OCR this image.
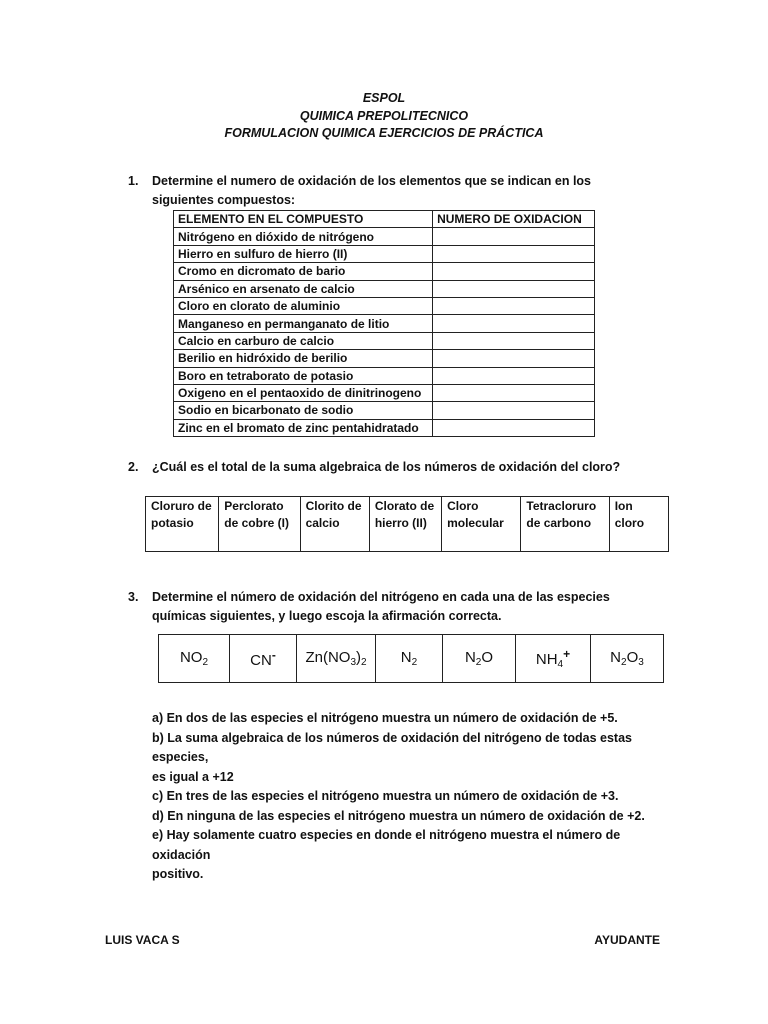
ESPOL
QUIMICA PREPOLITECNICO
FORMULACION QUIMICA EJERCICIOS DE PRÁCTICA
1. Determine el numero de oxidación de los elementos que se indican en los siguientes compuestos:
ELEMENTO EN EL COMPUESTO	NUMERO DE OXIDACION
Nitrógeno en dióxido de nitrógeno	
Hierro en sulfuro de hierro (II)	
Cromo en dicromato de bario	
Arsénico en arsenato de calcio	
Cloro en clorato de aluminio	
Manganeso en permanganato de litio	
Calcio en carburo de calcio	
Berilio en hidróxido de berilio	
Boro en tetraborato de potasio	
Oxigeno en el pentaoxido de dinitrinogeno	
Sodio en bicarbonato de sodio	
Zinc en el bromato de zinc pentahidratado	
2. ¿Cuál es el total de la suma algebraica de los números de oxidación del cloro?
Cloruro de potasio	Perclorato de cobre (I)	Clorito de calcio	Clorato de hierro (II)	Cloro molecular	Tetracloruro de carbono	Ion cloro
3. Determine el número de oxidación del nitrógeno en cada una de las especies químicas siguientes, y luego escoja la afirmación correcta.
$NO_2$	CN-	$Zn(NO_3)_2$	$N_2$	$N_2O$	$NH_4^+$	$N_2O_3$
a) En dos de las especies el nitrógeno muestra un número de oxidación de +5.
b) La suma algebraica de los números de oxidación del nitrógeno de todas estas especies,
es igual a +12
c) En tres de las especies el nitrógeno muestra un número de oxidación de +3.
d) En ninguna de las especies el nitrógeno muestra un número de oxidación de +2.
e) Hay solamente cuatro especies en donde el nitrógeno muestra el número de oxidación
positivo.
LUIS VACA S	AYUDANTE
